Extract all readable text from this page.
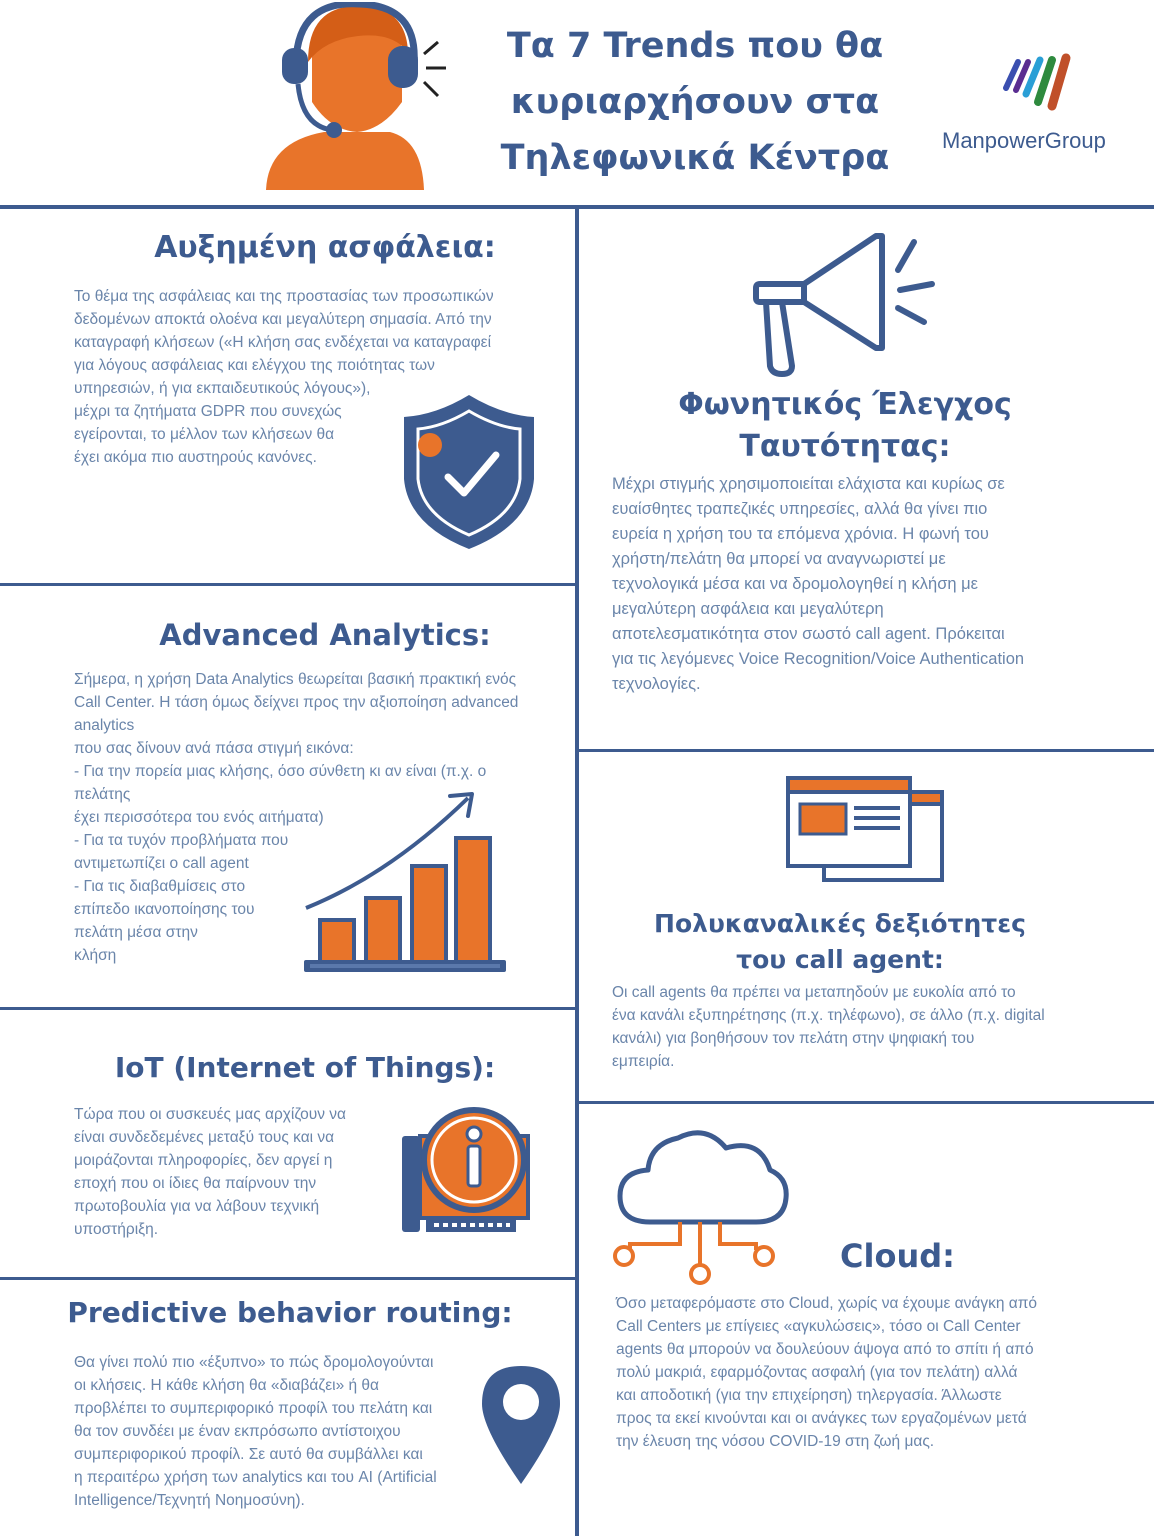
Τα 7 Trends που θα
κυριαρχήσουν στα
Τηλεφωνικά Κέντρα	ManpowerGroup
Αυξημένη ασφάλεια:
Το θέμα της ασφάλειας και της προστασίας των προσωπικών
δεδομένων αποκτά ολοένα και μεγαλύτερη σημασία. Από την
καταγραφή κλήσεων («Η κλήση σας ενδέχεται να καταγραφεί
για λόγους ασφάλειας και ελέγχου της ποιότητας των
υπηρεσιών, ή για εκπαιδευτικούς λόγους»),
μέχρι τα ζητήματα GDPR που συνεχώς
εγείρονται, το μέλλον των κλήσεων θα
έχει ακόμα πιο αυστηρούς κανόνες.
Φωνητικός Έλεγχος
Ταυτότητας:
Μέχρι στιγμής χρησιμοποιείται ελάχιστα και κυρίως σε
ευαίσθητες τραπεζικές υπηρεσίες, αλλά θα γίνει πιο
ευρεία η χρήση του τα επόμενα χρόνια. Η φωνή του
χρήστη/πελάτη θα μπορεί να αναγνωριστεί με
τεχνολογικά μέσα και να δρομολογηθεί η κλήση με
μεγαλύτερη ασφάλεια και μεγαλύτερη
αποτελεσματικότητα στον σωστό call agent. Πρόκειται
για τις λεγόμενες Voice Recognition/Voice Authentication
τεχνολογίες.
Advanced Analytics:
Σήμερα, η χρήση Data Analytics θεωρείται βασική πρακτική ενός
Call Center. Η τάση όμως δείχνει προς την αξιοποίηση advanced
analytics
που σας δίνουν ανά πάσα στιγμή εικόνα:
- Για την πορεία μιας κλήσης, όσο σύνθετη κι αν είναι (π.χ. ο
πελάτης
έχει περισσότερα του ενός αιτήματα)
- Για τα τυχόν προβλήματα που
αντιμετωπίζει ο call agent
- Για τις διαβαθμίσεις στο
επίπεδο ικανοποίησης του
πελάτη μέσα στην
κλήση
Πολυκαναλικές δεξιότητες
του call agent:
Οι call agents θα πρέπει να μεταπηδούν με ευκολία από το
ένα κανάλι εξυπηρέτησης (π.χ. τηλέφωνο), σε άλλο (π.χ. digital
κανάλι) για βοηθήσουν τον πελάτη στην ψηφιακή του
εμπειρία.
IoT (Internet of Things):
Τώρα που οι συσκευές μας αρχίζουν να
είναι συνδεδεμένες μεταξύ τους και να
μοιράζονται πληροφορίες, δεν αργεί η
εποχή που οι ίδιες θα παίρνουν την
πρωτοβουλία για να λάβουν τεχνική
υποστήριξη.
Cloud:
Όσο μεταφερόμαστε στο Cloud, χωρίς να έχουμε ανάγκη από
Call Centers με επίγειες «αγκυλώσεις», τόσο οι Call Center
agents θα μπορούν να δουλεύουν άψογα από το σπίτι ή από
πολύ μακριά, εφαρμόζοντας ασφαλή (για τον πελάτη) αλλά
και αποδοτική (για την επιχείρηση) τηλεργασία. Άλλωστε
προς τα εκεί κινούνται και οι ανάγκες των εργαζομένων μετά
την έλευση της νόσου COVID-19 στη ζωή μας.
Predictive behavior routing:
Θα γίνει πολύ πιο «έξυπνο» το πώς δρομολογούνται
οι κλήσεις. Η κάθε κλήση θα «διαβάζει» ή θα
προβλέπει το συμπεριφορικό προφίλ του πελάτη και
θα τον συνδέει με έναν εκπρόσωπο αντίστοιχου
συμπεριφορικού προφίλ. Σε αυτό θα συμβάλλει και
η περαιτέρω χρήση των analytics και του AI (Artificial
Intelligence/Τεχνητή Νοημοσύνη).
